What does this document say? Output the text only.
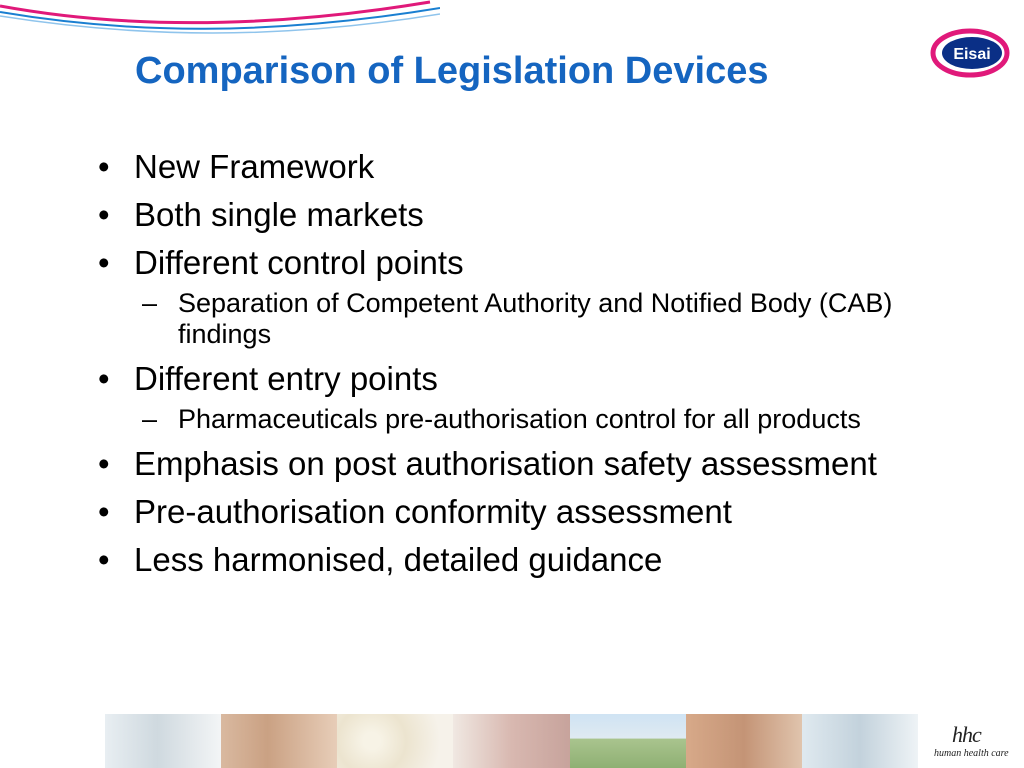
Comparison of Legislation Devices	Eisai
• New Framework
• Both single markets
• Different control points
– Separation of Competent Authority and Notified Body (CAB) findings
• Different entry points
– Pharmaceuticals pre-authorisation control for all products
• Emphasis on post authorisation safety assessment
• Pre-authorisation conformity assessment
• Less harmonised, detailed guidance
hhc
human health care
